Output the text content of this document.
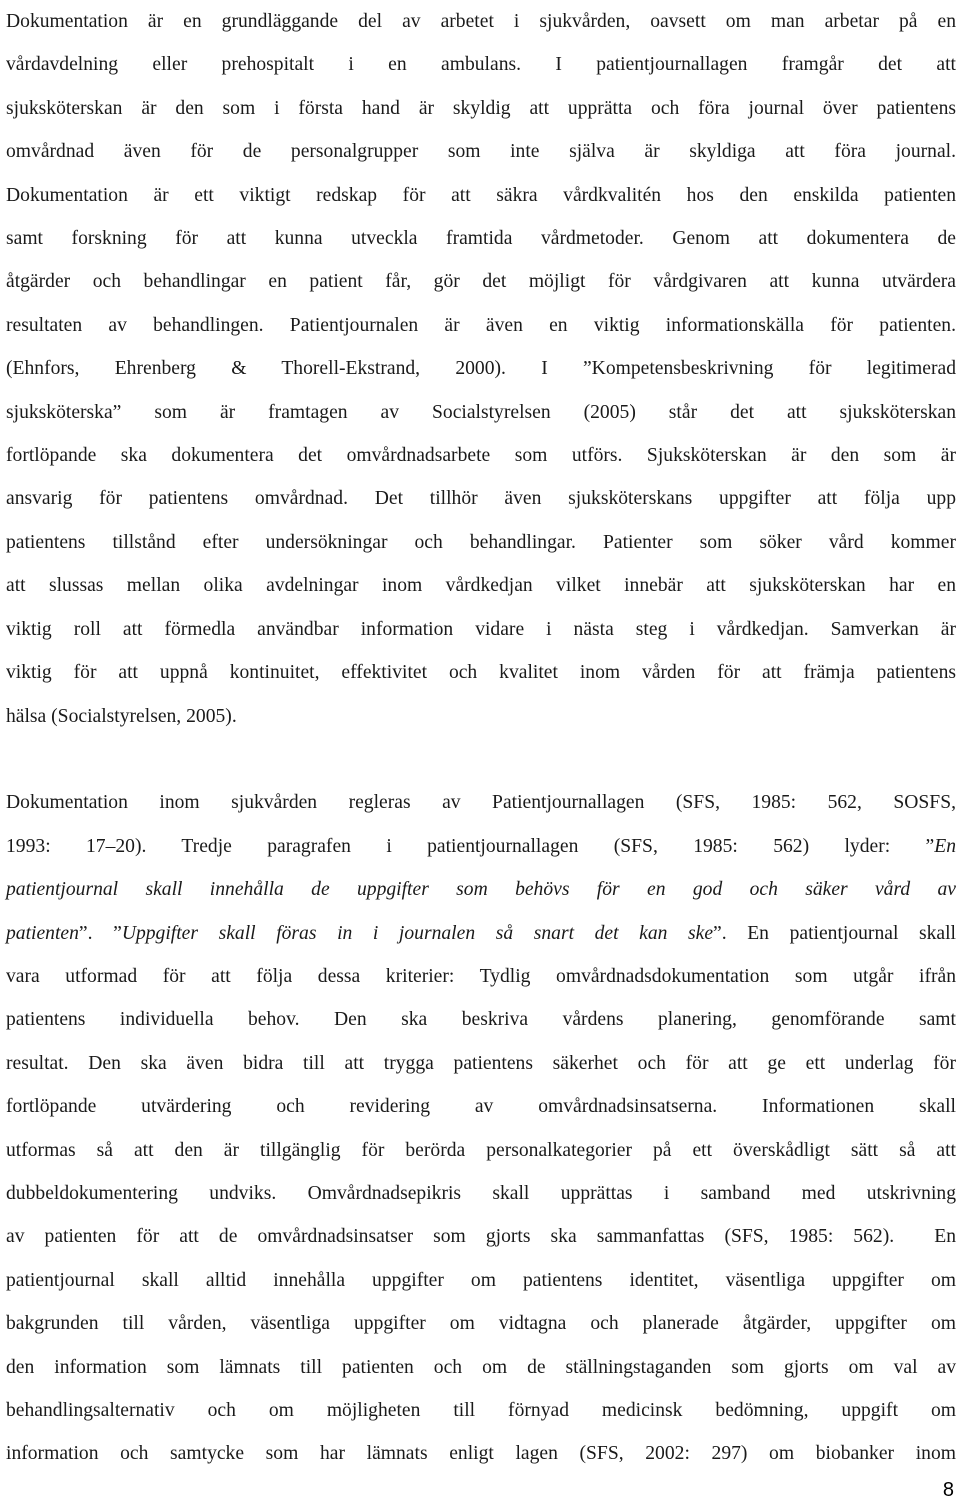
Dokumentation är en grundläggande del av arbetet i sjukvården, oavsett om man arbetar på en
vårdavdelning eller prehospitalt i en ambulans. I patientjournallagen framgår det att
sjuksköterskan är den som i första hand är skyldig att upprätta och föra journal över patientens
omvårdnad även för de personalgrupper som inte själva är skyldiga att föra journal.
Dokumentation är ett viktigt redskap för att säkra vårdkvalitén hos den enskilda patienten
samt forskning för att kunna utveckla framtida vårdmetoder. Genom att dokumentera de
åtgärder och behandlingar en patient får, gör det möjligt för vårdgivaren att kunna utvärdera
resultaten av behandlingen. Patientjournalen är även en viktig informationskälla för patienten.
(Ehnfors, Ehrenberg & Thorell-Ekstrand, 2000). I ”Kompetensbeskrivning för legitimerad
sjuksköterska” som är framtagen av Socialstyrelsen (2005) står det att sjuksköterskan
fortlöpande ska dokumentera det omvårdnadsarbete som utförs. Sjuksköterskan är den som är
ansvarig för patientens omvårdnad. Det tillhör även sjuksköterskans uppgifter att följa upp
patientens tillstånd efter undersökningar och behandlingar. Patienter som söker vård kommer
att slussas mellan olika avdelningar inom vårdkedjan vilket innebär att sjuksköterskan har en
viktig roll att förmedla användbar information vidare i nästa steg i vårdkedjan. Samverkan är
viktig för att uppnå kontinuitet, effektivitet och kvalitet inom vården för att främja patientens
hälsa (Socialstyrelsen, 2005).
Dokumentation inom sjukvården regleras av Patientjournallagen (SFS, 1985: 562, SOSFS,
1993: 17–20). Tredje paragrafen i patientjournallagen (SFS, 1985: 562) lyder: ”En
patientjournal skall innehålla de uppgifter som behövs för en god och säker vård av
patienten”. ”Uppgifter skall föras in i journalen så snart det kan ske”. En patientjournal skall
vara utformad för att följa dessa kriterier: Tydlig omvårdnadsdokumentation som utgår ifrån
patientens individuella behov. Den ska beskriva vårdens planering, genomförande samt
resultat. Den ska även bidra till att trygga patientens säkerhet och för att ge ett underlag för
fortlöpande utvärdering och revidering av omvårdnadsinsatserna. Informationen skall
utformas så att den är tillgänglig för berörda personalkategorier på ett överskådligt sätt så att
dubbeldokumentering undviks. Omvårdnadsepikris skall upprättas i samband med utskrivning
av patienten för att de omvårdnadsinsatser som gjorts ska sammanfattas (SFS, 1985: 562).  En
patientjournal skall alltid innehålla uppgifter om patientens identitet, väsentliga uppgifter om
bakgrunden till vården, väsentliga uppgifter om vidtagna och planerade åtgärder, uppgifter om
den information som lämnats till patienten och om de ställningstaganden som gjorts om val av
behandlingsalternativ och om möjligheten till förnyad medicinsk bedömning, uppgift om
information och samtycke som har lämnats enligt lagen (SFS, 2002: 297) om biobanker inom
8
